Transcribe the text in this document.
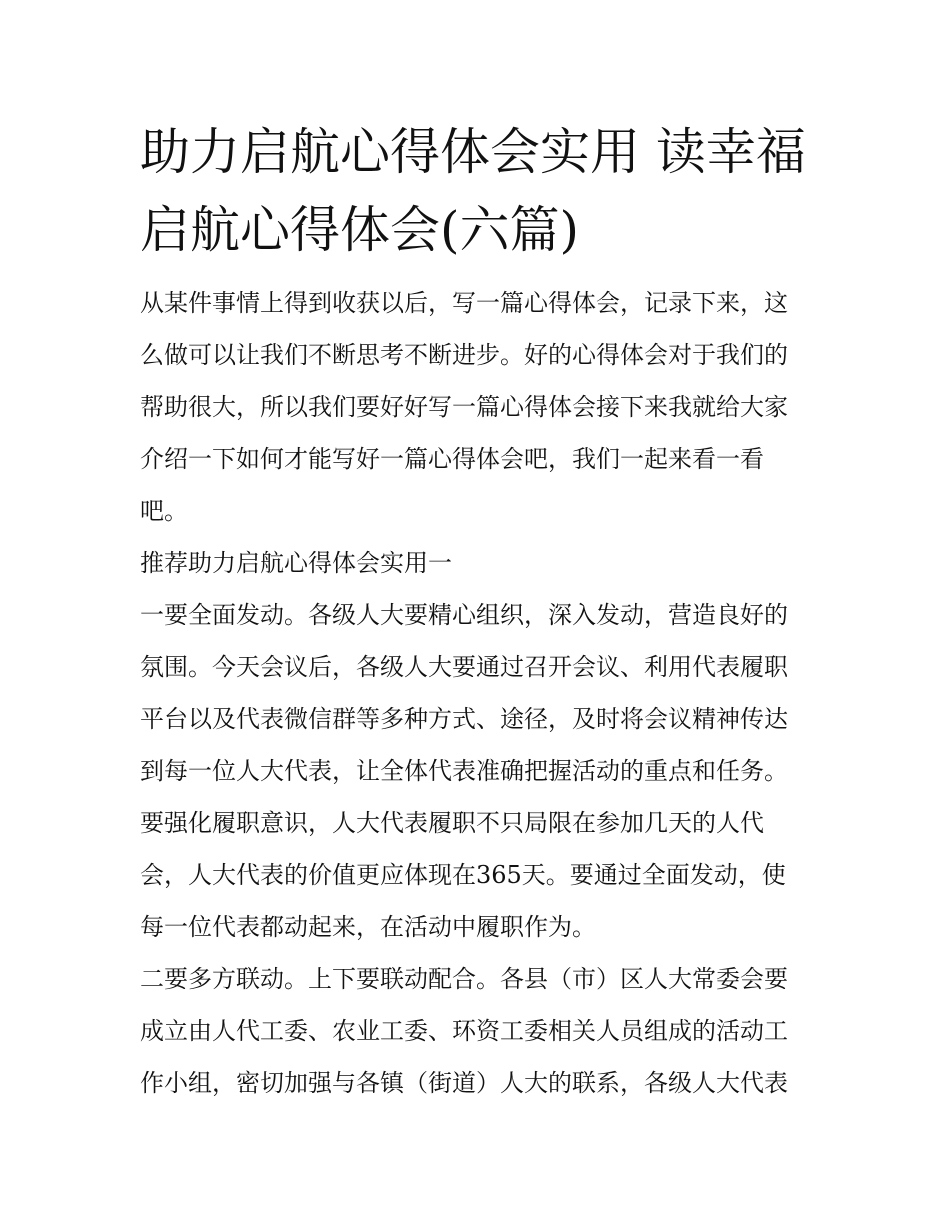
助力启航心得体会实用 读幸福
启航心得体会(六篇)
从某件事情上得到收获以后，写一篇心得体会，记录下来，这
么做可以让我们不断思考不断进步。好的心得体会对于我们的
帮助很大，所以我们要好好写一篇心得体会接下来我就给大家
介绍一下如何才能写好一篇心得体会吧，我们一起来看一看
吧。
推荐助力启航心得体会实用一
一要全面发动。各级人大要精心组织，深入发动，营造良好的
氛围。今天会议后，各级人大要通过召开会议、利用代表履职
平台以及代表微信群等多种方式、途径，及时将会议精神传达
到每一位人大代表，让全体代表准确把握活动的重点和任务。
要强化履职意识，人大代表履职不只局限在参加几天的人代
会，人大代表的价值更应体现在365天。要通过全面发动，使
每一位代表都动起来，在活动中履职作为。
二要多方联动。上下要联动配合。各县（市）区人大常委会要
成立由人代工委、农业工委、环资工委相关人员组成的活动工
作小组，密切加强与各镇（街道）人大的联系，各级人大代表
